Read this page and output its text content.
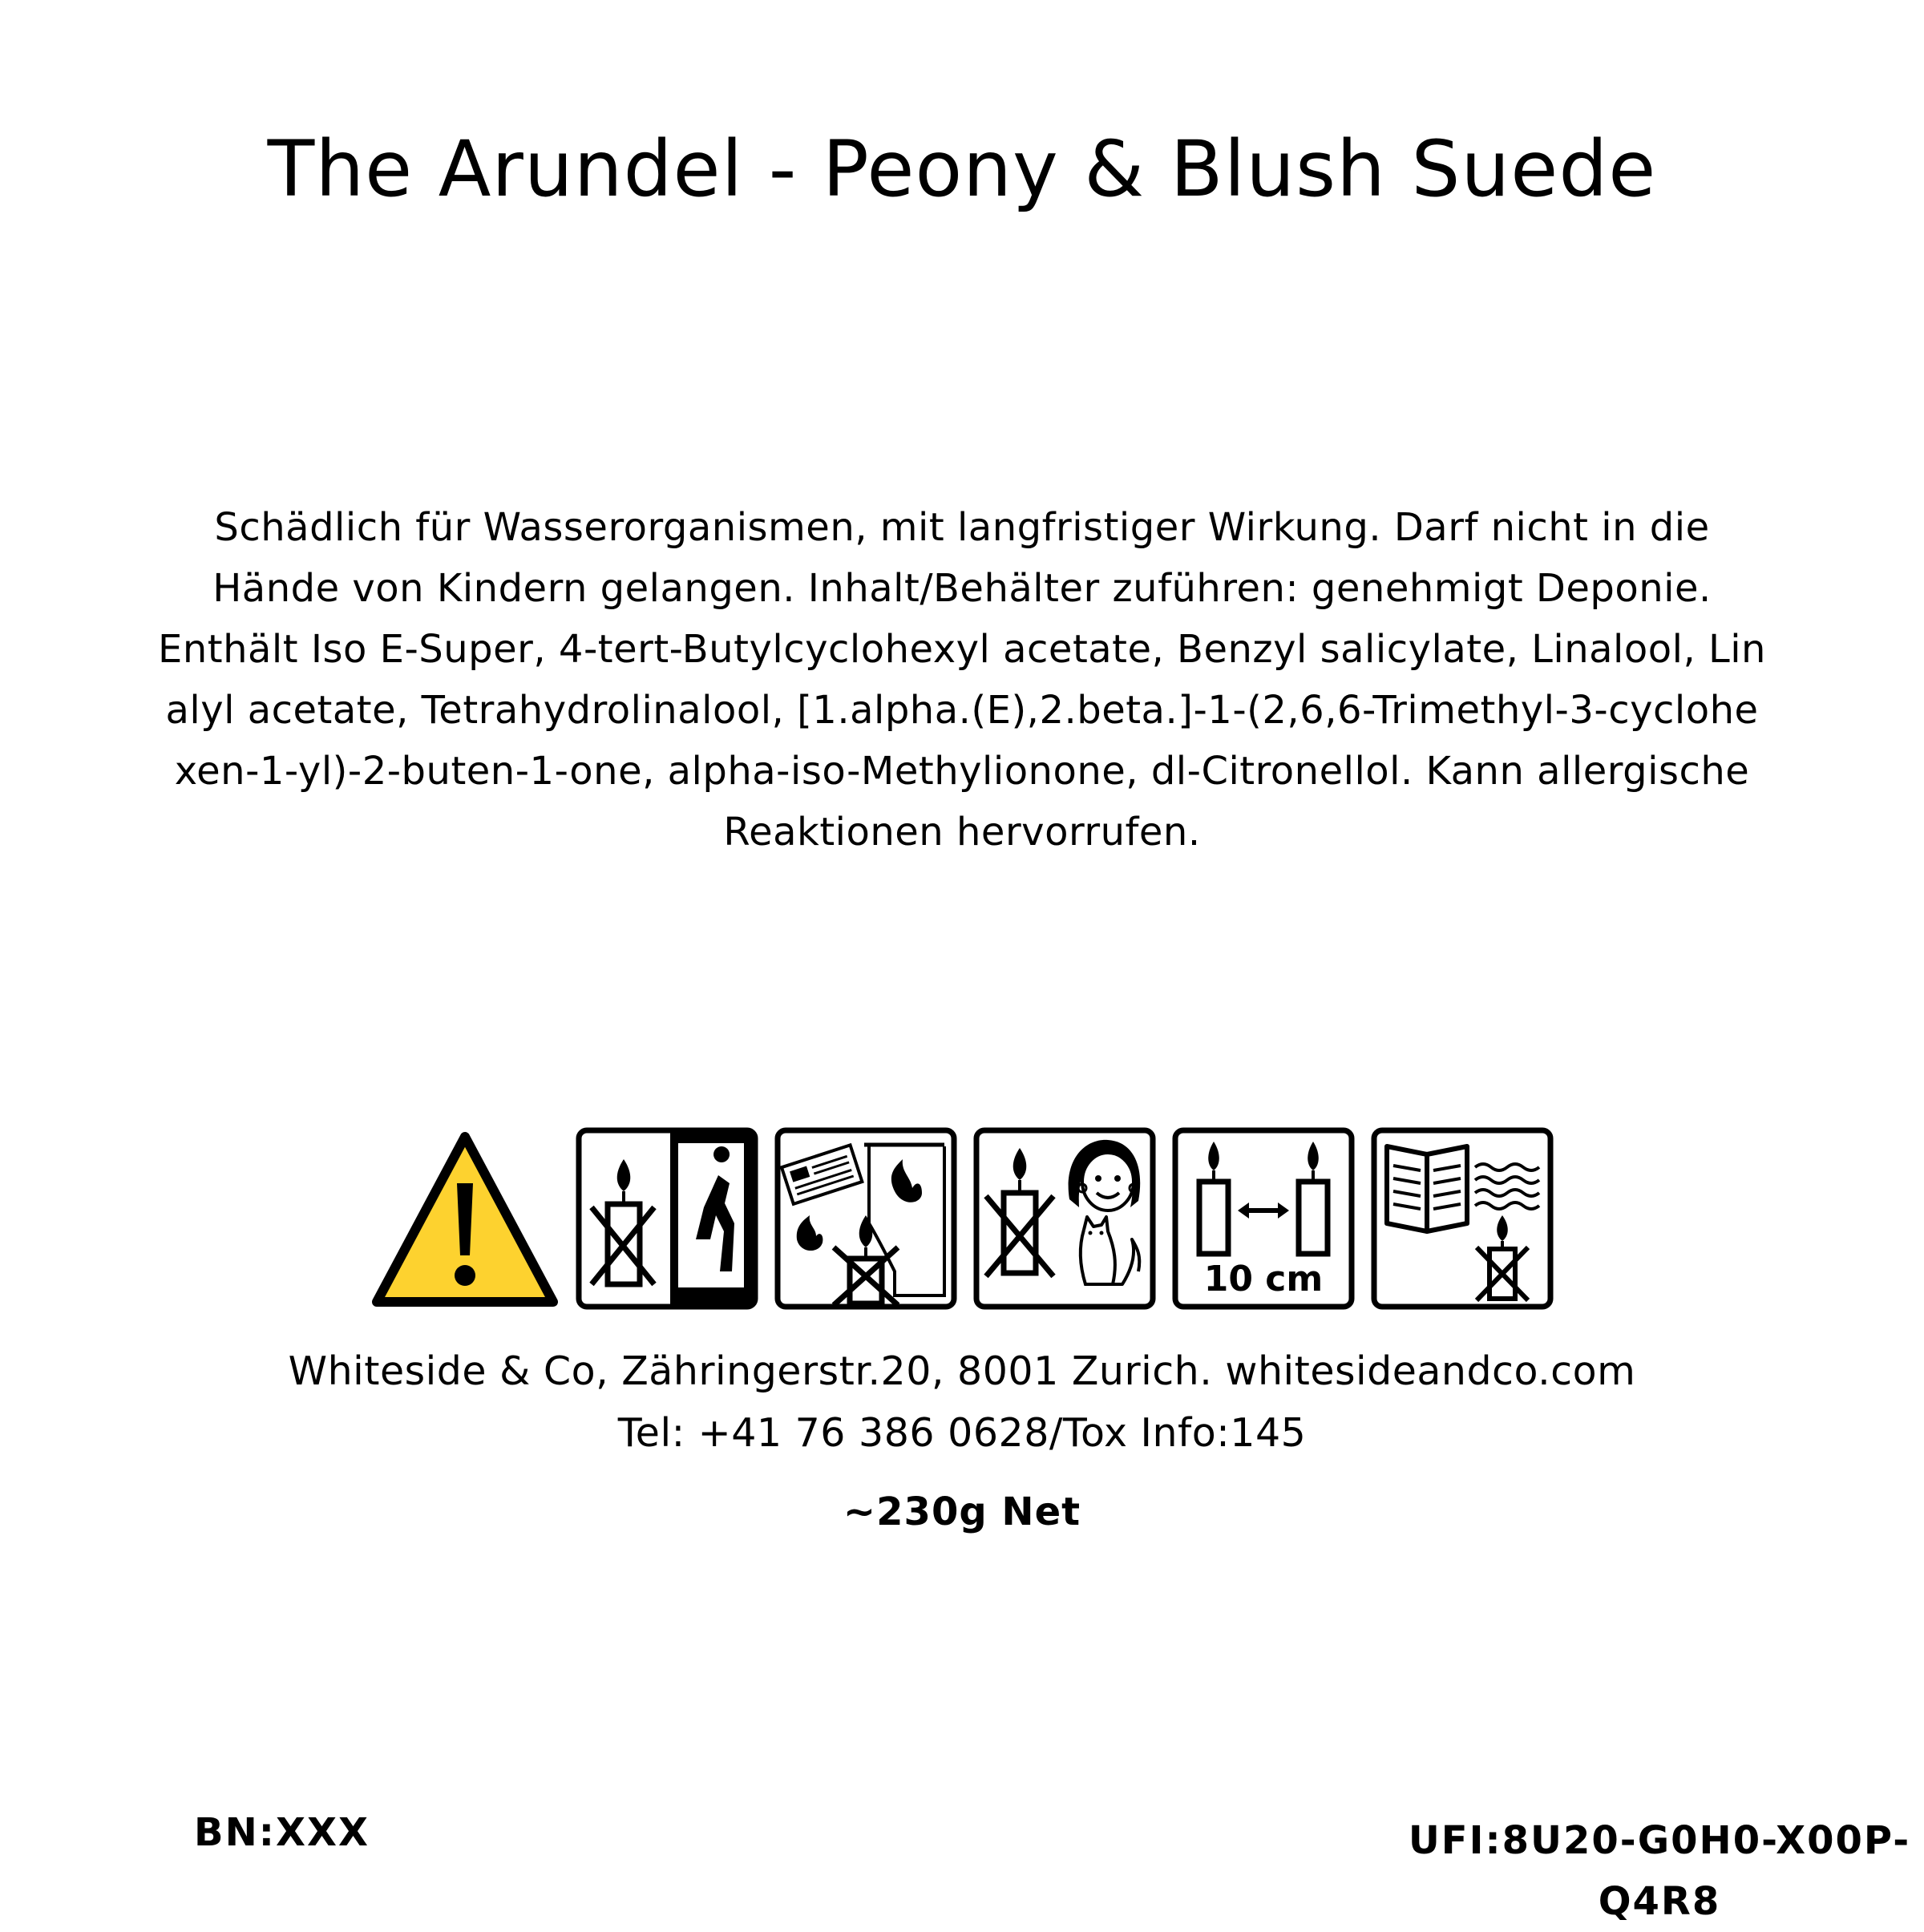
The Arundel - Peony & Blush Suede
Schädlich für Wasserorganismen, mit langfristiger Wirkung. Darf nicht in die
Hände von Kindern gelangen. Inhalt/Behälter zuführen: genehmigt Deponie.
Enthält Iso E-Super, 4-tert-Butylcyclohexyl acetate, Benzyl salicylate, Linalool, Lin
alyl acetate, Tetrahydrolinalool, [1.alpha.(E),2.beta.]-1-(2,6,6-Trimethyl-3-cyclohe
xen-1-yl)-2-buten-1-one, alpha-iso-Methylionone, dl-Citronellol. Kann allergische
Reaktionen hervorrufen.
10 cm
Whiteside & Co, Zähringerstr.20, 8001 Zurich. whitesideandco.com
Tel: +41 76 386 0628/Tox Info:145
~230g Net
BN:XXX	UFI:8U20-G0H0-X00P-
Q4R8
